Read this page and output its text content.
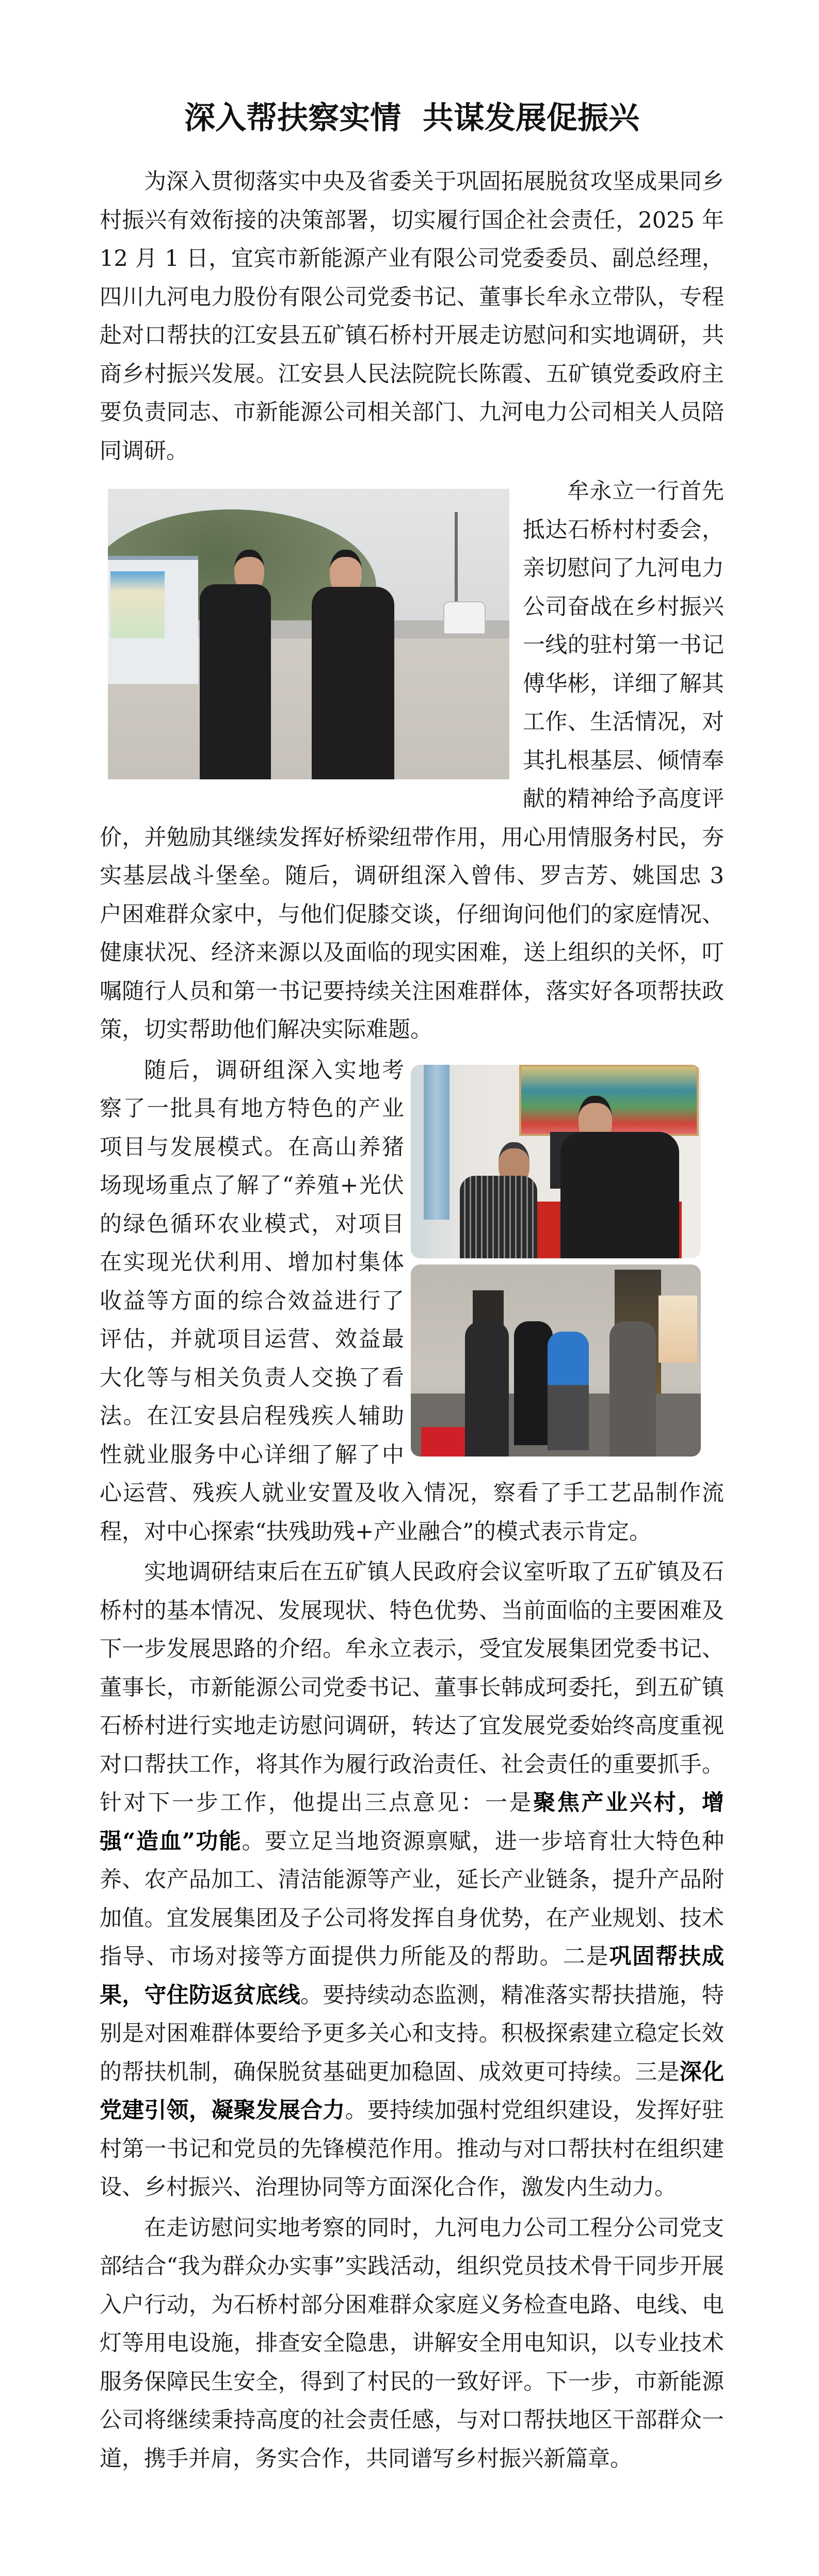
深入帮扶察实情  共谋发展促振兴

为深入贯彻落实中央及省委关于巩固拓展脱贫攻坚成果同乡村振兴有效衔接的决策部署，切实履行国企社会责任，2025 年 12 月 1 日，宜宾市新能源产业有限公司党委委员、副总经理，四川九河电力股份有限公司党委书记、董事长牟永立带队，专程赴对口帮扶的江安县五矿镇石桥村开展走访慰问和实地调研，共商乡村振兴发展。江安县人民法院院长陈霞、五矿镇党委政府主要负责同志、市新能源公司相关部门、九河电力公司相关人员陪同调研。

牟永立一行首先抵达石桥村村委会，亲切慰问了九河电力公司奋战在乡村振兴一线的驻村第一书记傅华彬，详细了解其工作、生活情况，对其扎根基层、倾情奉献的精神给予高度评价，并勉励其继续发挥好桥梁纽带作用，用心用情服务村民，夯实基层战斗堡垒。随后，调研组深入曾伟、罗吉芳、姚国忠 3 户困难群众家中，与他们促膝交谈，仔细询问他们的家庭情况、健康状况、经济来源以及面临的现实困难，送上组织的关怀，叮嘱随行人员和第一书记要持续关注困难群体，落实好各项帮扶政策，切实帮助他们解决实际难题。

随后，调研组深入实地考察了一批具有地方特色的产业项目与发展模式。在高山养猪场现场重点了解了“养殖+光伏的绿色循环农业模式，对项目在实现光伏利用、增加村集体收益等方面的综合效益进行了评估，并就项目运营、效益最大化等与相关负责人交换了看法。在江安县启程残疾人辅助性就业服务中心详细了解了中心运营、残疾人就业安置及收入情况，察看了手工艺品制作流程，对中心探索“扶残助残+产业融合”的模式表示肯定。

实地调研结束后在五矿镇人民政府会议室听取了五矿镇及石桥村的基本情况、发展现状、特色优势、当前面临的主要困难及下一步发展思路的介绍。牟永立表示，受宜发展集团党委书记、董事长，市新能源公司党委书记、董事长韩成珂委托，到五矿镇石桥村进行实地走访慰问调研，转达了宜发展党委始终高度重视对口帮扶工作，将其作为履行政治责任、社会责任的重要抓手。针对下一步工作，他提出三点意见：一是聚焦产业兴村，增强“造血”功能。要立足当地资源禀赋，进一步培育壮大特色种养、农产品加工、清洁能源等产业，延长产业链条，提升产品附加值。宜发展集团及子公司将发挥自身优势，在产业规划、技术指导、市场对接等方面提供力所能及的帮助。二是巩固帮扶成果，守住防返贫底线。要持续动态监测，精准落实帮扶措施，特别是对困难群体要给予更多关心和支持。积极探索建立稳定长效的帮扶机制，确保脱贫基础更加稳固、成效更可持续。三是深化党建引领，凝聚发展合力。要持续加强村党组织建设，发挥好驻村第一书记和党员的先锋模范作用。推动与对口帮扶村在组织建设、乡村振兴、治理协同等方面深化合作，激发内生动力。

在走访慰问实地考察的同时，九河电力公司工程分公司党支部结合“我为群众办实事”实践活动，组织党员技术骨干同步开展入户行动，为石桥村部分困难群众家庭义务检查电路、电线、电灯等用电设施，排查安全隐患，讲解安全用电知识，以专业技术服务保障民生安全，得到了村民的一致好评。下一步，市新能源公司将继续秉持高度的社会责任感，与对口帮扶地区干部群众一道，携手并肩，务实合作，共同谱写乡村振兴新篇章。
